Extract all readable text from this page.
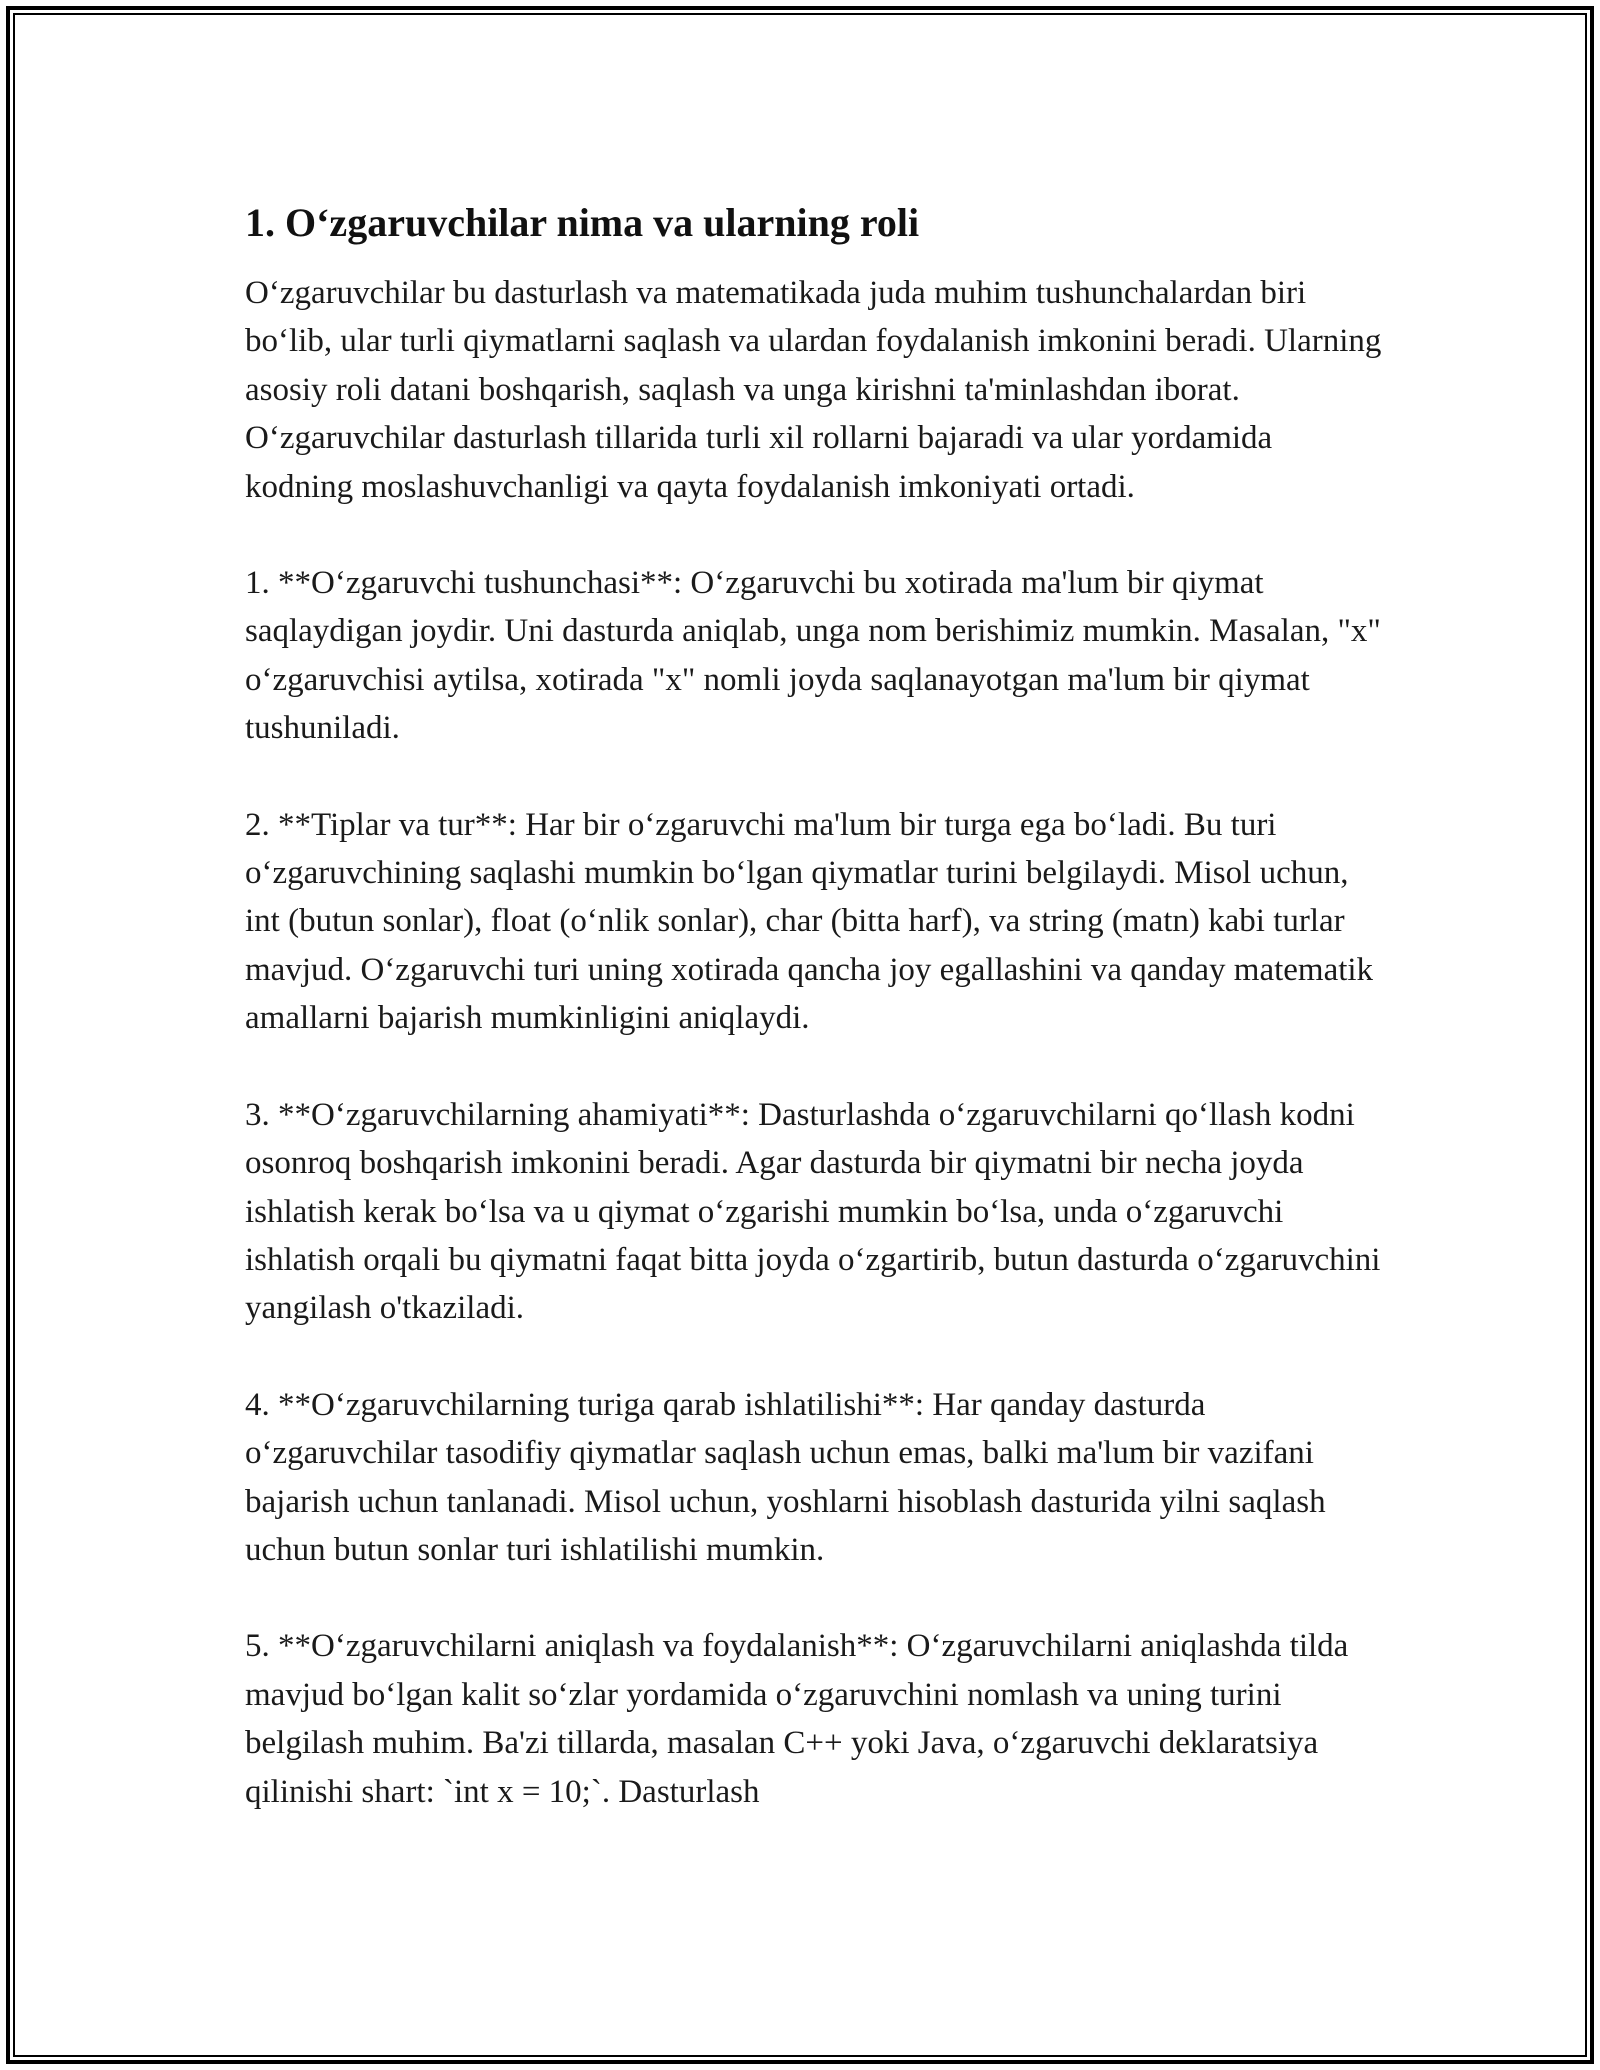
1. O‘zgaruvchilar nima va ularning roli

O‘zgaruvchilar bu dasturlash va matematikada juda muhim tushunchalardan biri bo‘lib, ular turli qiymatlarni saqlash va ulardan foydalanish imkonini beradi. Ularning asosiy roli datani boshqarish, saqlash va unga kirishni ta'minlashdan iborat. O‘zgaruvchilar dasturlash tillarida turli xil rollarni bajaradi va ular yordamida kodning moslashuvchanligi va qayta foydalanish imkoniyati ortadi.

1. **O‘zgaruvchi tushunchasi**: O‘zgaruvchi bu xotirada ma'lum bir qiymat saqlaydigan joydir. Uni dasturda aniqlab, unga nom berishimiz mumkin. Masalan, "x" o‘zgaruvchisi aytilsa, xotirada "x" nomli joyda saqlanayotgan ma'lum bir qiymat tushuniladi.

2. **Tiplar va tur**: Har bir o‘zgaruvchi ma'lum bir turga ega bo‘ladi. Bu turi o‘zgaruvchining saqlashi mumkin bo‘lgan qiymatlar turini belgilaydi. Misol uchun, int (butun sonlar), float (o‘nlik sonlar), char (bitta harf), va string (matn) kabi turlar mavjud. O‘zgaruvchi turi uning xotirada qancha joy egallashini va qanday matematik amallarni bajarish mumkinligini aniqlaydi.

3. **O‘zgaruvchilarning ahamiyati**: Dasturlashda o‘zgaruvchilarni qo‘llash kodni osonroq boshqarish imkonini beradi. Agar dasturda bir qiymatni bir necha joyda ishlatish kerak bo‘lsa va u qiymat o‘zgarishi mumkin bo‘lsa, unda o‘zgaruvchi ishlatish orqali bu qiymatni faqat bitta joyda o‘zgartirib, butun dasturda o‘zgaruvchini yangilash o'tkaziladi.

4. **O‘zgaruvchilarning turiga qarab ishlatilishi**: Har qanday dasturda o‘zgaruvchilar tasodifiy qiymatlar saqlash uchun emas, balki ma'lum bir vazifani bajarish uchun tanlanadi. Misol uchun, yoshlarni hisoblash dasturida yilni saqlash uchun butun sonlar turi ishlatilishi mumkin.

5. **O‘zgaruvchilarni aniqlash va foydalanish**: O‘zgaruvchilarni aniqlashda tilda mavjud bo‘lgan kalit so‘zlar yordamida o‘zgaruvchini nomlash va uning turini belgilash muhim. Ba'zi tillarda, masalan C++ yoki Java, o‘zgaruvchi deklaratsiya qilinishi shart: `int x = 10;`. Dasturlash
